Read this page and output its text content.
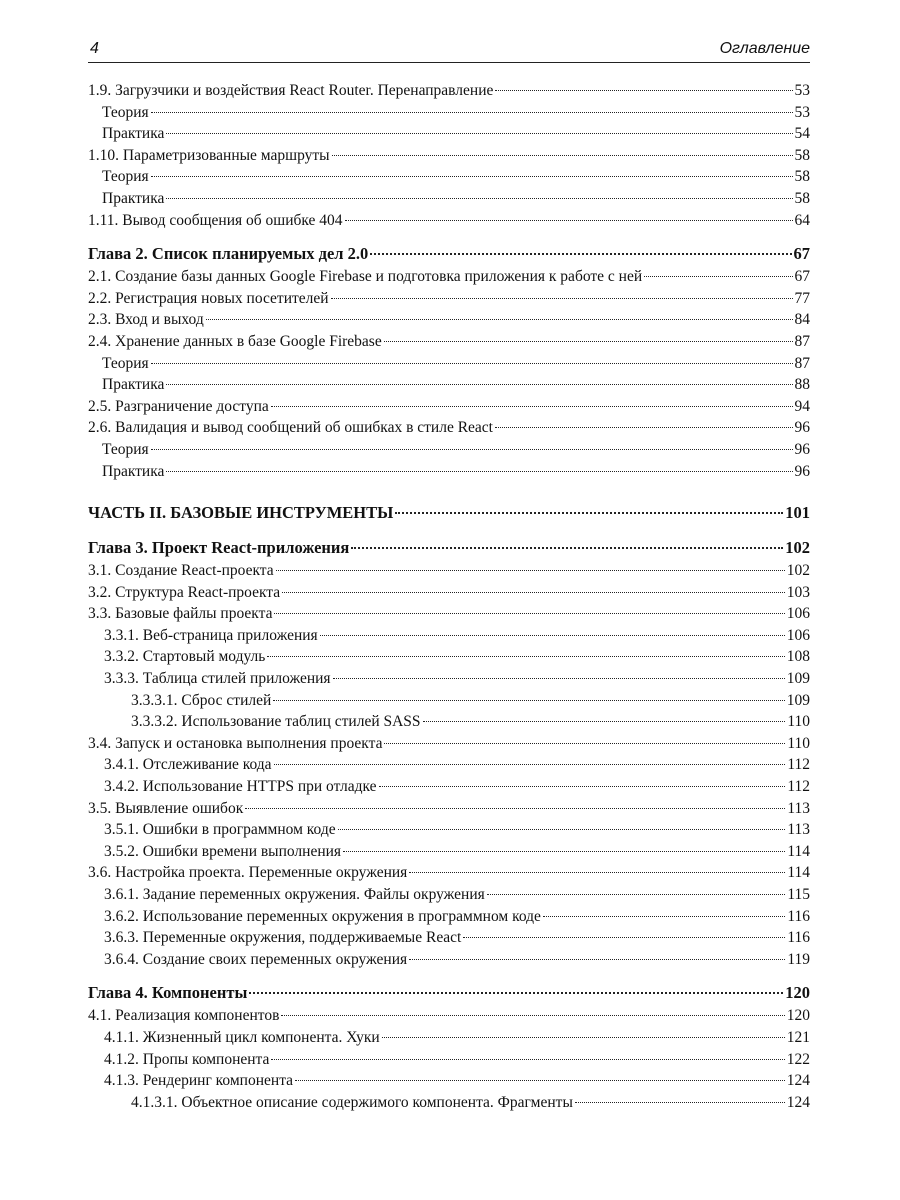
4	Оглавление
1.9. Загрузчики и воздействия React Router. Перенаправление	53
Теория	53
Практика	54
1.10. Параметризованные маршруты	58
Теория	58
Практика	58
1.11. Вывод сообщения об ошибке 404	64
Глава 2. Список планируемых дел 2.0	67
2.1. Создание базы данных Google Firebase и подготовка приложения к работе с ней	67
2.2. Регистрация новых посетителей	77
2.3. Вход и выход	84
2.4. Хранение данных в базе Google Firebase	87
Теория	87
Практика	88
2.5. Разграничение доступа	94
2.6. Валидация и вывод сообщений об ошибках в стиле React	96
Теория	96
Практика	96
ЧАСТЬ II. БАЗОВЫЕ ИНСТРУМЕНТЫ	101
Глава 3. Проект React-приложения	102
3.1. Создание React-проекта	102
3.2. Структура React-проекта	103
3.3. Базовые файлы проекта	106
3.3.1. Веб-страница приложения	106
3.3.2. Стартовый модуль	108
3.3.3. Таблица стилей приложения	109
3.3.3.1. Сброс стилей	109
3.3.3.2. Использование таблиц стилей SASS	110
3.4. Запуск и остановка выполнения проекта	110
3.4.1. Отслеживание кода	112
3.4.2. Использование HTTPS при отладке	112
3.5. Выявление ошибок	113
3.5.1. Ошибки в программном коде	113
3.5.2. Ошибки времени выполнения	114
3.6. Настройка проекта. Переменные окружения	114
3.6.1. Задание переменных окружения. Файлы окружения	115
3.6.2. Использование переменных окружения в программном коде	116
3.6.3. Переменные окружения, поддерживаемые React	116
3.6.4. Создание своих переменных окружения	119
Глава 4. Компоненты	120
4.1. Реализация компонентов	120
4.1.1. Жизненный цикл компонента. Хуки	121
4.1.2. Пропы компонента	122
4.1.3. Рендеринг компонента	124
4.1.3.1. Объектное описание содержимого компонента. Фрагменты	124
